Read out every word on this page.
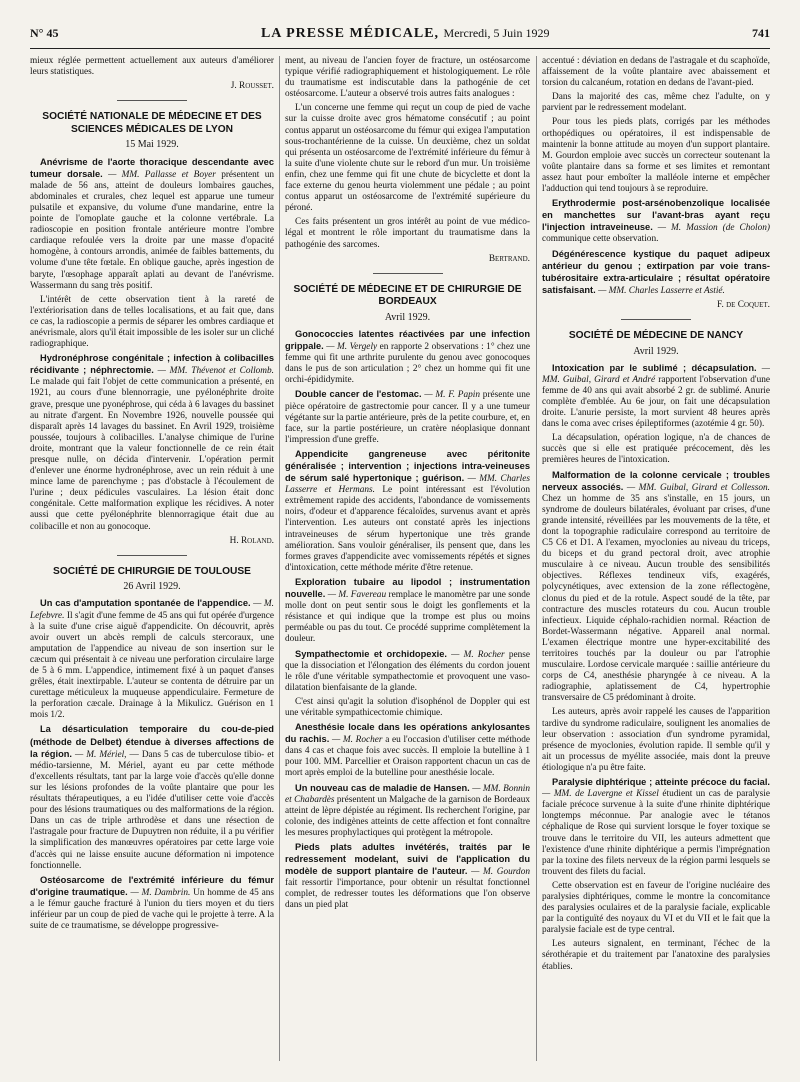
N° 45	LA PRESSE MÉDICALE, Mercredi, 5 Juin 1929	741

mieux réglée permettent actuellement aux auteurs d'améliorer leurs statistiques.

J. Rousset.

SOCIÉTÉ NATIONALE DE MÉDECINE ET DES SCIENCES MÉDICALES DE LYON
15 Mai 1929.

Anévrisme de l'aorte thoracique descendante avec tumeur dorsale. — MM. Pallasse et Boyer présentent un malade de 56 ans, atteint de douleurs lombaires gauches, abdominales et crurales, chez lequel est apparue une tumeur pulsatile et expansive, du volume d'une mandarine, entre la pointe de l'omoplate gauche et la colonne vertébrale. La radioscopie en position frontale antérieure montre l'ombre cardiaque refoulée vers la droite par une masse d'opacité homogène, à contours arrondis, animée de faibles battements, du volume d'une tête fœtale. En oblique gauche, après ingestion de baryte, l'œsophage apparaît aplati au devant de l'anévrisme. Wassermann du sang très positif.

L'intérêt de cette observation tient à la rareté de l'extériorisation dans de telles localisations, et au fait que, dans ce cas, la radioscopie a permis de séparer les ombres cardiaque et anévrismale, alors qu'il était impossible de les isoler sur un cliché radiographique.

Hydronéphrose congénitale ; infection à colibacilles récidivante ; néphrectomie. — MM. Thévenot et Collomb. Le malade qui fait l'objet de cette communication a présenté, en 1921, au cours d'une blennorragie, une pyélonéphrite droite grave, presque une pyonéphrose, qui céda à 6 lavages du bassinet au nitrate d'argent. En Novembre 1926, nouvelle poussée qui disparaît après 14 lavages du bassinet. En Avril 1929, troisième poussée, toujours à colibacilles. L'analyse chimique de l'urine droite, montrant que la valeur fonctionnelle de ce rein était presque nulle, on décida d'intervenir. L'opération permit d'enlever une énorme hydronéphrose, avec un rein réduit à une mince lame de parenchyme ; pas d'obstacle à l'écoulement de l'urine ; deux pédicules vasculaires. La lésion était donc congénitale. Cette malformation explique les récidives. A noter aussi que cette pyélonéphrite blennorragique était due au colibacille et non au gonocoque.

H. Roland.

SOCIÉTÉ DE CHIRURGIE DE TOULOUSE
26 Avril 1929.

Un cas d'amputation spontanée de l'appendice. — M. Lefebvre. Il s'agit d'une femme de 45 ans qui fut opérée d'urgence à la suite d'une crise aiguë d'appendicite. On découvrit, après avoir ouvert un abcès rempli de calculs stercoraux, une amputation de l'appendice au niveau de son insertion sur le cæcum qui présentait à ce niveau une perforation circulaire large de 5 à 6 mm. L'appendice, intimement fixé à un paquet d'anses grêles, était inextirpable. L'auteur se contenta de détruire par un curettage méticuleux la muqueuse appendiculaire. Fermeture de la perforation cæcale. Drainage à la Mikulicz. Guérison en 1 mois 1/2.

La désarticulation temporaire du cou-de-pied (méthode de Delbet) étendue à diverses affections de la région. — M. Mériel, — Dans 5 cas de tuberculose tibio- et médio-tarsienne, M. Mériel, ayant eu par cette méthode d'excellents résultats, tant par la large voie d'accès qu'elle donne sur les lésions profondes de la voûte plantaire que pour les résultats thérapeutiques, a eu l'idée d'utiliser cette voie d'accès pour des lésions traumatiques ou des malformations de la région. Dans un cas de triple arthrodèse et dans une résection de l'astragale pour fracture de Dupuytren non réduite, il a pu vérifier la simplification des manœuvres opératoires par cette large voie d'accès qui ne laisse ensuite aucune déformation ni impotence fonctionnelle.

Ostéosarcome de l'extrémité inférieure du fémur d'origine traumatique. — M. Dambrin. Un homme de 45 ans a le fémur gauche fracturé à l'union du tiers moyen et du tiers inférieur par un coup de pied de vache qui le projette à terre. A la suite de ce traumatisme, se développe progressive-

ment, au niveau de l'ancien foyer de fracture, un ostéosarcome typique vérifié radiographiquement et histologiquement. Le rôle du traumatisme est indiscutable dans la pathogénie de cet ostéosarcome. L'auteur a observé trois autres faits analogues :

L'un concerne une femme qui reçut un coup de pied de vache sur la cuisse droite avec gros hématome consécutif ; au point contus apparut un ostéosarcome du fémur qui exigea l'amputation sous-trochantérienne de la cuisse. Un deuxième, chez un soldat qui présenta un ostéosarcome de l'extrémité inférieure du fémur à la suite d'une violente chute sur le rebord d'un mur. Un troisième enfin, chez une femme qui fit une chute de bicyclette et dont la face externe du genou heurta violemment une pédale ; au point contus apparut un ostéosarcome de l'extrémité supérieure du péroné.

Ces faits présentent un gros intérêt au point de vue médico-légal et montrent le rôle important du traumatisme dans la pathogénie des sarcomes.

Bertrand.

SOCIÉTÉ DE MÉDECINE ET DE CHIRURGIE DE BORDEAUX
Avril 1929.

Gonococcies latentes réactivées par une infection grippale. — M. Vergely en rapporte 2 observations : 1° chez une femme qui fit une arthrite purulente du genou avec gonocoques dans le pus de son articulation ; 2° chez un homme qui fit une orchi-épididymite.

Double cancer de l'estomac. — M. F. Papin présente une pièce opératoire de gastrectomie pour cancer. Il y a une tumeur végétante sur la partie antérieure, près de la petite courbure, et, en face, sur la partie postérieure, un cratère néoplasique donnant l'impression d'une greffe.

Appendicite gangreneuse avec péritonite généralisée ; intervention ; injections intra-veineuses de sérum salé hypertonique ; guérison. — MM. Charles Lasserre et Hermans. Le point intéressant est l'évolution extrêmement rapide des accidents, l'abondance de vomissements noirs, d'odeur et d'apparence fécaloïdes, survenus avant et après l'intervention. Les auteurs ont constaté après les injections intraveineuses de sérum hypertonique une très grande amélioration. Sans vouloir généraliser, ils pensent que, dans les formes graves d'appendicite avec vomissements répétés et signes d'intoxication, cette méthode mérite d'être retenue.

Exploration tubaire au lipodol ; instrumentation nouvelle. — M. Favereau remplace le manomètre par une sonde molle dont on peut sentir sous le doigt les gonflements et la résistance et qui indique que la trompe est plus ou moins perméable ou pas du tout. Ce procédé supprime complètement la douleur.

Sympathectomie et orchidopexie. — M. Rocher pense que la dissociation et l'élongation des éléments du cordon jouent le rôle d'une véritable sympathectomie et provoquent une vaso-dilatation bienfaisante de la glande.

C'est ainsi qu'agit la solution d'isophénol de Doppler qui est une véritable sympathicectomie chimique.

Anesthésie locale dans les opérations ankylosantes du rachis. — M. Rocher a eu l'occasion d'utiliser cette méthode dans 4 cas et chaque fois avec succès. Il emploie la butelline à 1 pour 100. MM. Parcellier et Oraison rapportent chacun un cas de mort après emploi de la butelline pour anesthésie locale.

Un nouveau cas de maladie de Hansen. — MM. Bonnin et Chabardès présentent un Malgache de la garnison de Bordeaux atteint de lèpre dépistée au régiment. Ils recherchent l'origine, par colonie, des indigènes atteints de cette affection et font connaître les mesures prophylactiques qui protègent la métropole.

Pieds plats adultes invétérés, traités par le redressement modelant, suivi de l'application du modèle de support plantaire de l'auteur. — M. Gourdon fait ressortir l'importance, pour obtenir un résultat fonctionnel complet, de redresser toutes les déformations que l'on observe dans un pied plat

accentué : déviation en dedans de l'astragale et du scaphoïde, affaissement de la voûte plantaire avec abaissement et torsion du calcanéum, rotation en dedans de l'avant-pied.

Dans la majorité des cas, même chez l'adulte, on y parvient par le redressement modelant.

Pour tous les pieds plats, corrigés par les méthodes orthopédiques ou opératoires, il est indispensable de maintenir la bonne attitude au moyen d'un support plantaire. M. Gourdon emploie avec succès un correcteur soutenant la voûte plantaire dans sa forme et ses limites et remontant assez haut pour emboîter la malléole interne et empêcher l'adduction qui tend toujours à se reproduire.

Erythrodermie post-arsénobenzolique localisée en manchettes sur l'avant-bras ayant reçu l'injection intraveineuse. — M. Massion (de Cholon) communique cette observation.

Dégénérescence kystique du paquet adipeux antérieur du genou ; extirpation par voie trans-tubérositaire extra-articulaire ; résultat opératoire satisfaisant. — MM. Charles Lasserre et Astié.

F. de Coquet.

SOCIÉTÉ DE MÉDECINE DE NANCY
Avril 1929.

Intoxication par le sublimé ; décapsulation. — MM. Guibal, Girard et André rapportent l'observation d'une femme de 40 ans qui avait absorbé 2 gr. de sublimé. Anurie complète d'emblée. Au 6e jour, on fait une décapsulation droite. L'anurie persiste, la mort survient 48 heures après dans le coma avec crises épileptiformes (azotémie 4 gr. 50).

La décapsulation, opération logique, n'a de chances de succès que si elle est pratiquée précocement, dès les premières heures de l'intoxication.

Malformation de la colonne cervicale ; troubles nerveux associés. — MM. Guibal, Girard et Collesson. Chez un homme de 35 ans s'installe, en 15 jours, un syndrome de douleurs bilatérales, évoluant par crises, d'une grande intensité, réveillées par les mouvements de la tête, et dont la topographie radiculaire correspond au territoire de C5 C6 et D1. A l'examen, myoclonies au niveau du triceps, du biceps et du grand pectoral droit, avec atrophie musculaire à ce niveau. Aucun trouble des sensibilités objectives. Réflexes tendineux vifs, exagérés, polycynétiques, avec extension de la zone réflectogène, clonus du pied et de la rotule. Aspect soudé de la tête, par contracture des muscles rotateurs du cou. Aucun trouble infectieux. Liquide céphalo-rachidien normal. Réaction de Bordet-Wassermann négative. Appareil anal normal. L'examen électrique montre une hyper-excitabilité des territoires touchés par la douleur ou par l'atrophie musculaire. Lordose cervicale marquée : saillie antérieure du corps de C4, anesthésie pharyngée à ce niveau. A la radiographie, aplatissement de C4, hypertrophie transversaire de C5 prédominant à droite.

Les auteurs, après avoir rappelé les causes de l'apparition tardive du syndrome radiculaire, soulignent les anomalies de leur observation : association d'un syndrome pyramidal, présence de myoclonies, évolution rapide. Il semble qu'il y ait un processus de myélite associée, mais dont la preuve étiologique n'a pu être faite.

Paralysie diphtérique ; atteinte précoce du facial. — MM. de Lavergne et Kissel étudient un cas de paralysie faciale précoce survenue à la suite d'une rhinite diphtérique longtemps méconnue. Par analogie avec le tétanos céphalique de Rose qui survient lorsque le foyer toxique se trouve dans le territoire du VII, les auteurs admettent que l'existence d'une rhinite diphtérique a permis l'imprégnation par la toxine des filets nerveux de la région parmi lesquels se trouvent des filets du facial.

Cette observation est en faveur de l'origine nucléaire des paralysies diphtériques, comme le montre la concomitance des paralysies oculaires et de la paralysie faciale, explicable par la contiguïté des noyaux du VI et du VII et le fait que la paralysie faciale est de type central.

Les auteurs signalent, en terminant, l'échec de la sérothérapie et du traitement par l'anatoxine des paralysies établies.
